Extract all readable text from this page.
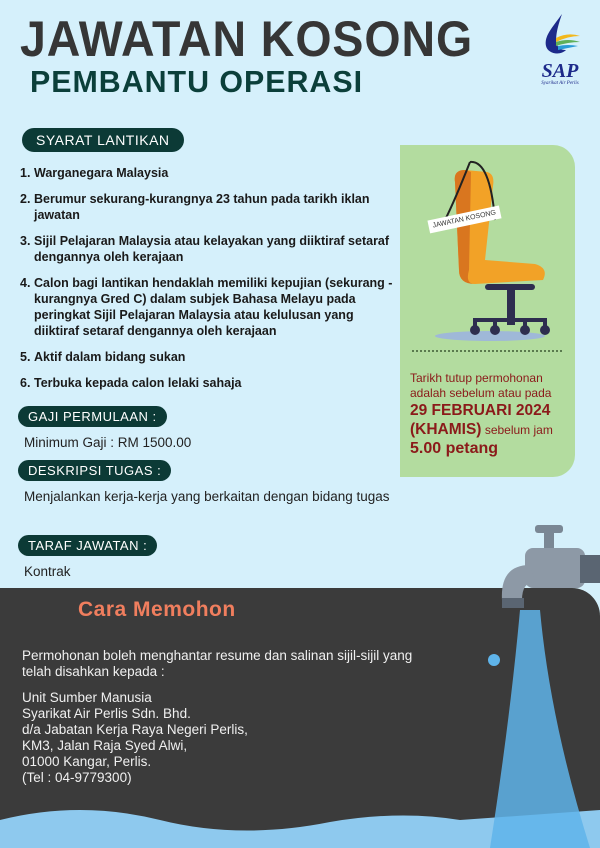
JAWATAN KOSONG
PEMBANTU OPERASI	SAP
Syarikat Air Perlis
SYARAT LANTIKAN
1. Warganegara Malaysia
2. Berumur sekurang-kurangnya 23 tahun pada tarikh iklan jawatan
3. Sijil Pelajaran Malaysia atau kelayakan yang diiktiraf setaraf dengannya oleh kerajaan
4. Calon bagi lantikan hendaklah memiliki kepujian (sekurang - kurangnya Gred C) dalam subjek Bahasa Melayu pada peringkat Sijil Pelajaran Malaysia atau kelulusan yang diiktiraf setaraf dengannya oleh kerajaan
5. Aktif dalam bidang sukan
6. Terbuka kepada calon lelaki sahaja
GAJI PERMULAAN :
Minimum Gaji : RM 1500.00
DESKRIPSI TUGAS :
Menjalankan kerja-kerja yang berkaitan dengan bidang tugas
TARAF JAWATAN :
Kontrak
JAWATAN KOSONG
Tarikh tutup permohonan adalah sebelum atau pada
29 FEBRUARI 2024
(KHAMIS) sebelum jam
5.00 petang
Cara Memohon
Permohonan boleh menghantar resume dan salinan sijil-sijil yang telah disahkan kepada :
Unit Sumber Manusia
Syarikat Air Perlis Sdn. Bhd.
d/a Jabatan Kerja Raya Negeri Perlis,
KM3, Jalan Raja Syed Alwi,
01000 Kangar, Perlis.
(Tel : 04-9779300)
